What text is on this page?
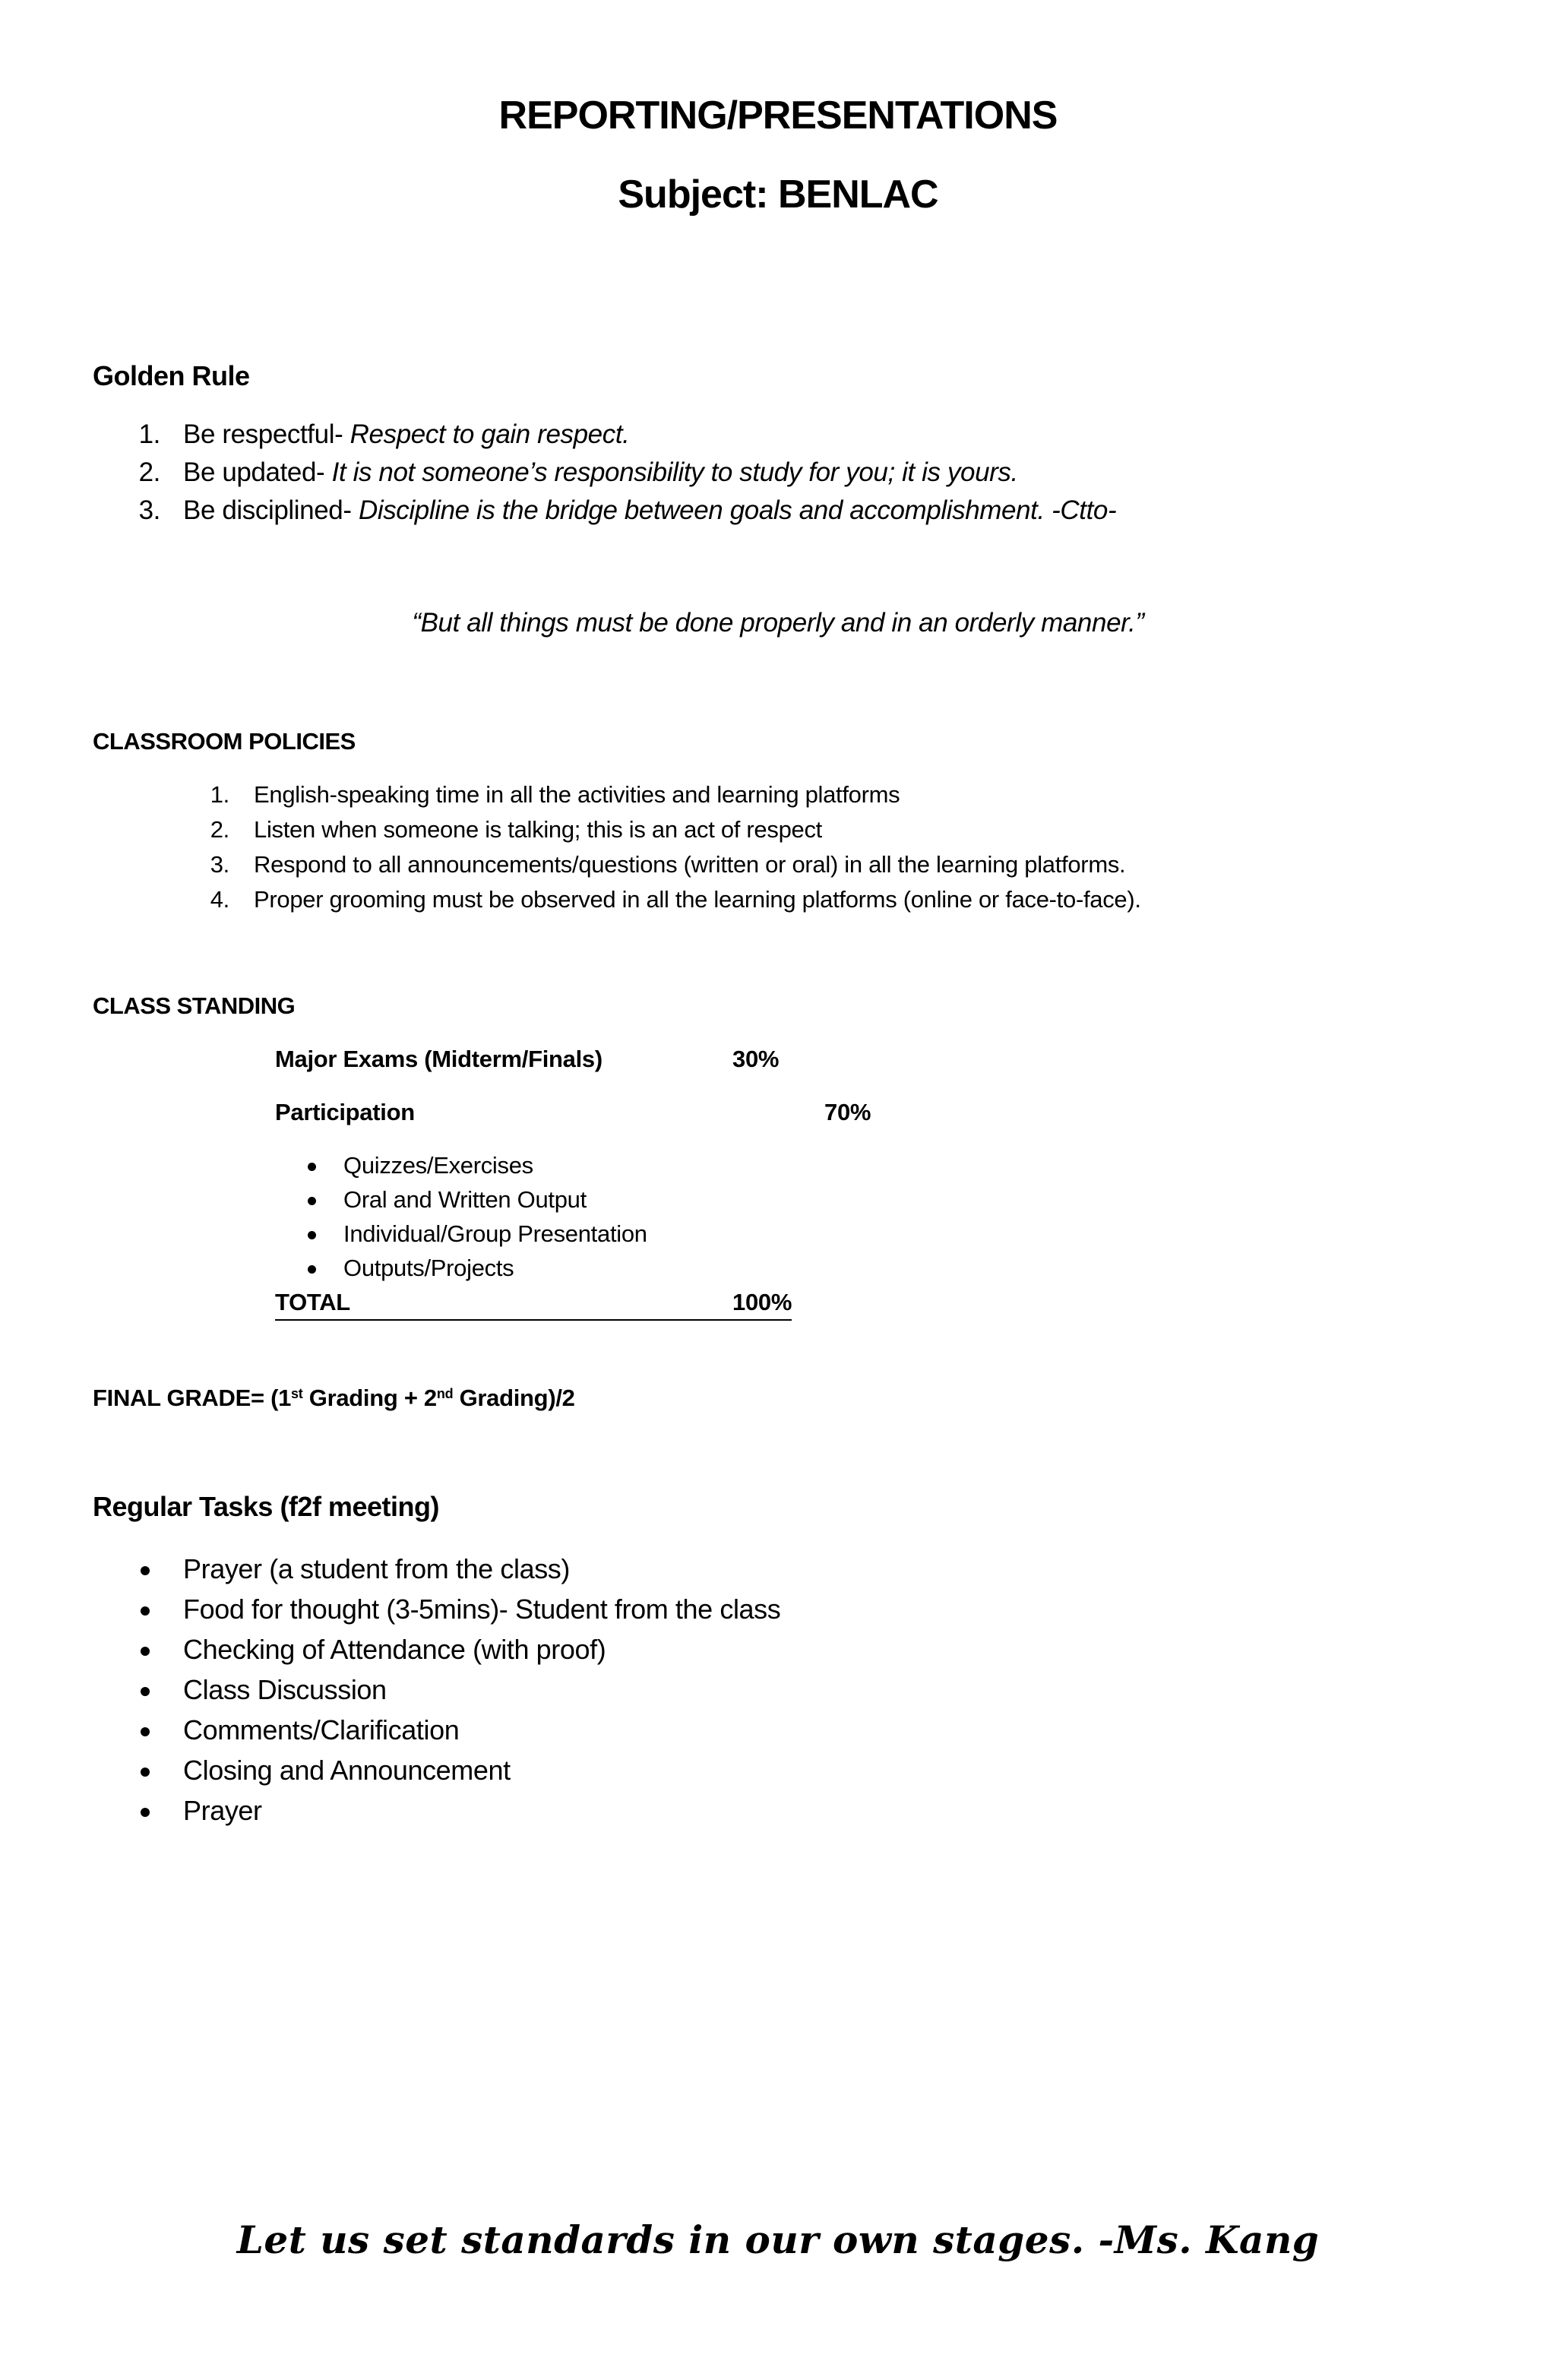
REPORTING/PRESENTATIONS
Subject: BENLAC
Golden Rule
1. Be respectful- Respect to gain respect.
2. Be updated- It is not someone’s responsibility to study for you; it is yours.
3. Be disciplined- Discipline is the bridge between goals and accomplishment. -Ctto-
“But all things must be done properly and in an orderly manner.”
CLASSROOM POLICIES
1. English-speaking time in all the activities and learning platforms
2. Listen when someone is talking; this is an act of respect
3. Respond to all announcements/questions (written or oral) in all the learning platforms.
4. Proper grooming must be observed in all the learning platforms (online or face-to-face).
CLASS STANDING
Major Exams (Midterm/Finals)	30%
Participation	70%
Quizzes/Exercises
Oral and Written Output
Individual/Group Presentation
Outputs/Projects
TOTAL	100%
FINAL GRADE= (1st Grading + 2nd Grading)/2
Regular Tasks (f2f meeting)
Prayer (a student from the class)
Food for thought (3-5mins)- Student from the class
Checking of Attendance (with proof)
Class Discussion
Comments/Clarification
Closing and Announcement
Prayer
Let us set standards in our own stages. -Ms. Kang
